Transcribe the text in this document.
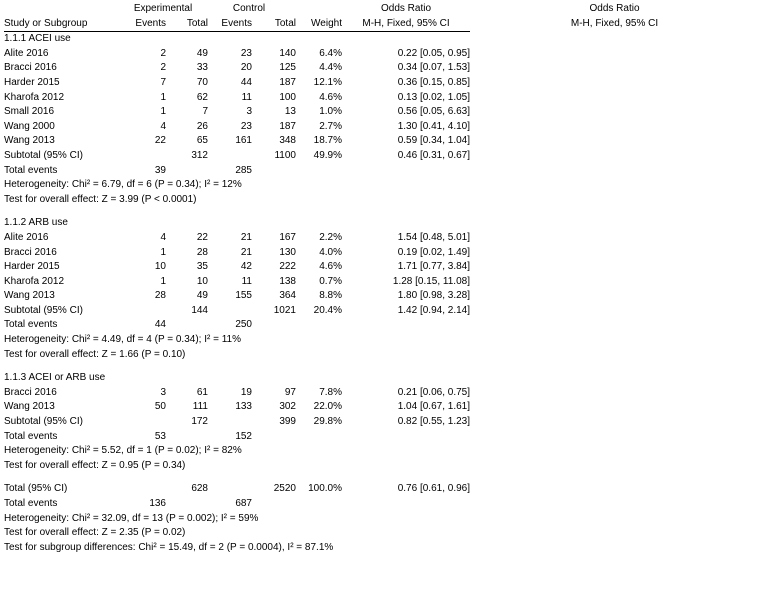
Odds Ratio
M-H, Fixed, 95% CI
	Experimental		Control			Odds Ratio
Study or Subgroup	Events	Total	Events	Total	Weight	M-H, Fixed, 95% CI

1.1.1 ACEI use						
Alite 2016	2	49	23	140	6.4%	0.22 [0.05, 0.95]
Bracci 2016	2	33	20	125	4.4%	0.34 [0.07, 1.53]
Harder 2015	7	70	44	187	12.1%	0.36 [0.15, 0.85]
Kharofa 2012	1	62	11	100	4.6%	0.13 [0.02, 1.05]
Small 2016	1	7	3	13	1.0%	0.56 [0.05, 6.63]
Wang 2000	4	26	23	187	2.7%	1.30 [0.41, 4.10]
Wang 2013	22	65	161	348	18.7%	0.59 [0.34, 1.04]
Subtotal (95% CI)		312		1100	49.9%	0.46 [0.31, 0.67]
Total events	39		285			
Heterogeneity: Chi² = 6.79, df = 6 (P = 0.34); I² = 12%						
Test for overall effect: Z = 3.99 (P < 0.0001)						

1.1.2 ARB use						
Alite 2016	4	22	21	167	2.2%	1.54 [0.48, 5.01]
Bracci 2016	1	28	21	130	4.0%	0.19 [0.02, 1.49]
Harder 2015	10	35	42	222	4.6%	1.71 [0.77, 3.84]
Kharofa 2012	1	10	11	138	0.7%	1.28 [0.15, 11.08]
Wang 2013	28	49	155	364	8.8%	1.80 [0.98, 3.28]
Subtotal (95% CI)		144		1021	20.4%	1.42 [0.94, 2.14]
Total events	44		250			
Heterogeneity: Chi² = 4.49, df = 4 (P = 0.34); I² = 11%						
Test for overall effect: Z = 1.66 (P = 0.10)						

1.1.3 ACEI or ARB use						
Bracci 2016	3	61	19	97	7.8%	0.21 [0.06, 0.75]
Wang 2013	50	111	133	302	22.0%	1.04 [0.67, 1.61]
Subtotal (95% CI)		172		399	29.8%	0.82 [0.55, 1.23]
Total events	53		152			
Heterogeneity: Chi² = 5.52, df = 1 (P = 0.02); I² = 82%						
Test for overall effect: Z = 0.95 (P = 0.34)						

Total (95% CI)		628		2520	100.0%	0.76 [0.61, 0.96]
Total events	136		687			
Heterogeneity: Chi² = 32.09, df = 13 (P = 0.002); I² = 59%						
Test for overall effect: Z = 2.35 (P = 0.02)						
Test for subgroup differences: Chi² = 15.49, df = 2 (P = 0.0004), I² = 87.1%						
